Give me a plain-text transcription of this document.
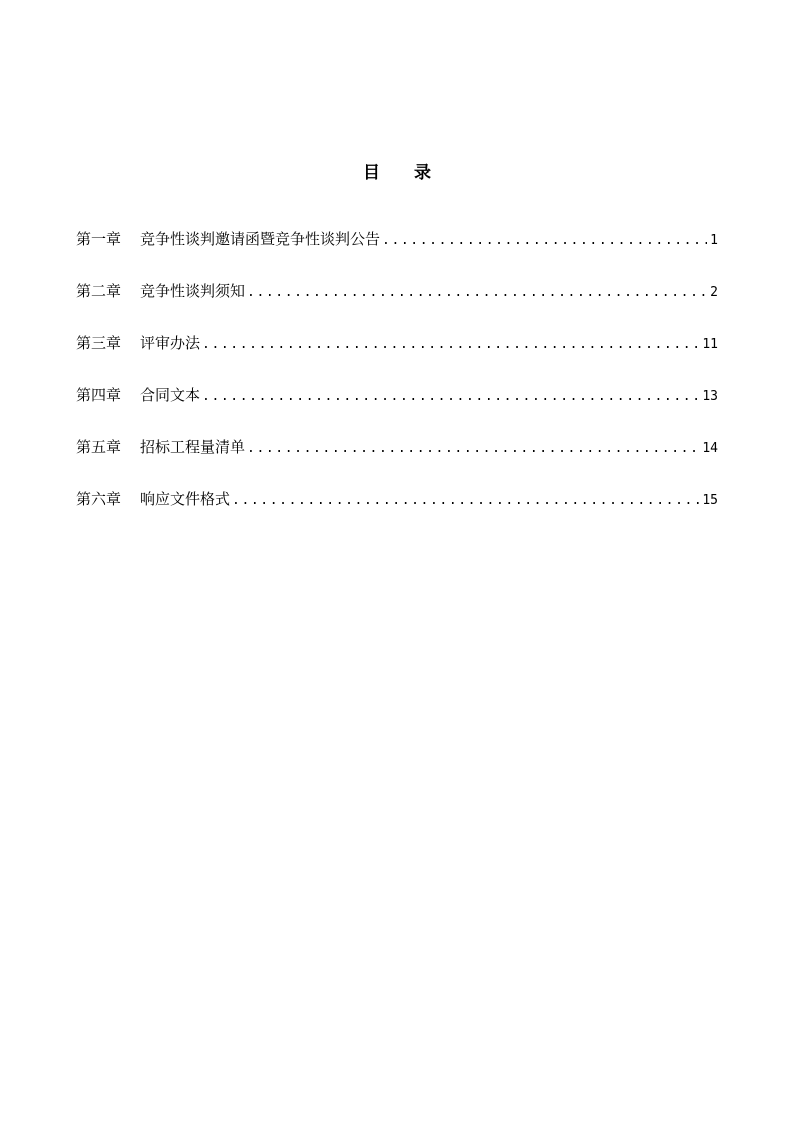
目 录
第一章	竞争性谈判邀请函暨竞争性谈判公告 .....	1
第二章	竞争性谈判须知 .....	2
第三章	评审办法 .....	11
第四章	合同文本 .....	13
第五章	招标工程量清单 .....	14
第六章	响应文件格式 .....	15
